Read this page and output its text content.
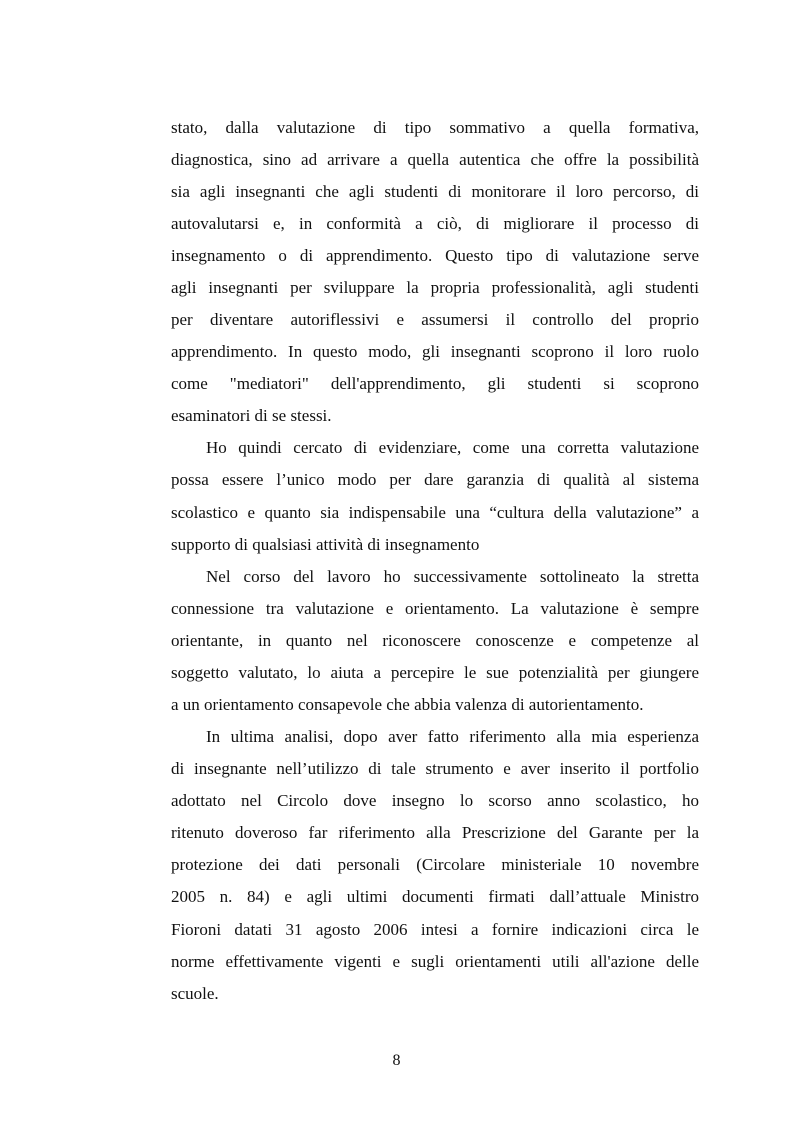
stato, dalla valutazione di tipo sommativo a quella formativa,
diagnostica, sino ad arrivare a quella autentica che offre la possibilità
sia agli insegnanti che agli studenti di monitorare il loro percorso, di
autovalutarsi e, in conformità a ciò, di migliorare il processo di
insegnamento o di apprendimento. Questo tipo di valutazione serve
agli insegnanti per sviluppare la propria professionalità, agli studenti
per diventare autoriflessivi e assumersi il controllo del proprio
apprendimento. In questo modo, gli insegnanti scoprono il loro ruolo
come "mediatori" dell'apprendimento, gli studenti si scoprono
esaminatori di se stessi.
Ho quindi cercato di evidenziare, come una corretta valutazione
possa essere l’unico modo per dare garanzia di qualità al sistema
scolastico e quanto sia indispensabile una “cultura della valutazione” a
supporto di qualsiasi attività di insegnamento
Nel corso del lavoro ho successivamente sottolineato la stretta
connessione tra valutazione e orientamento. La valutazione è sempre
orientante, in quanto nel riconoscere conoscenze e competenze al
soggetto valutato, lo aiuta a percepire le sue potenzialità per giungere
a un orientamento consapevole che abbia valenza di autorientamento.
In ultima analisi, dopo aver fatto riferimento alla mia esperienza
di insegnante nell’utilizzo di tale strumento e aver inserito il portfolio
adottato nel Circolo dove insegno lo scorso anno scolastico, ho
ritenuto doveroso far riferimento alla Prescrizione del Garante per la
protezione dei dati personali (Circolare ministeriale 10 novembre
2005 n. 84) e agli ultimi documenti firmati dall’attuale Ministro
Fioroni datati 31 agosto 2006 intesi a fornire indicazioni circa le
norme effettivamente vigenti e sugli orientamenti utili all'azione delle
scuole.
8
